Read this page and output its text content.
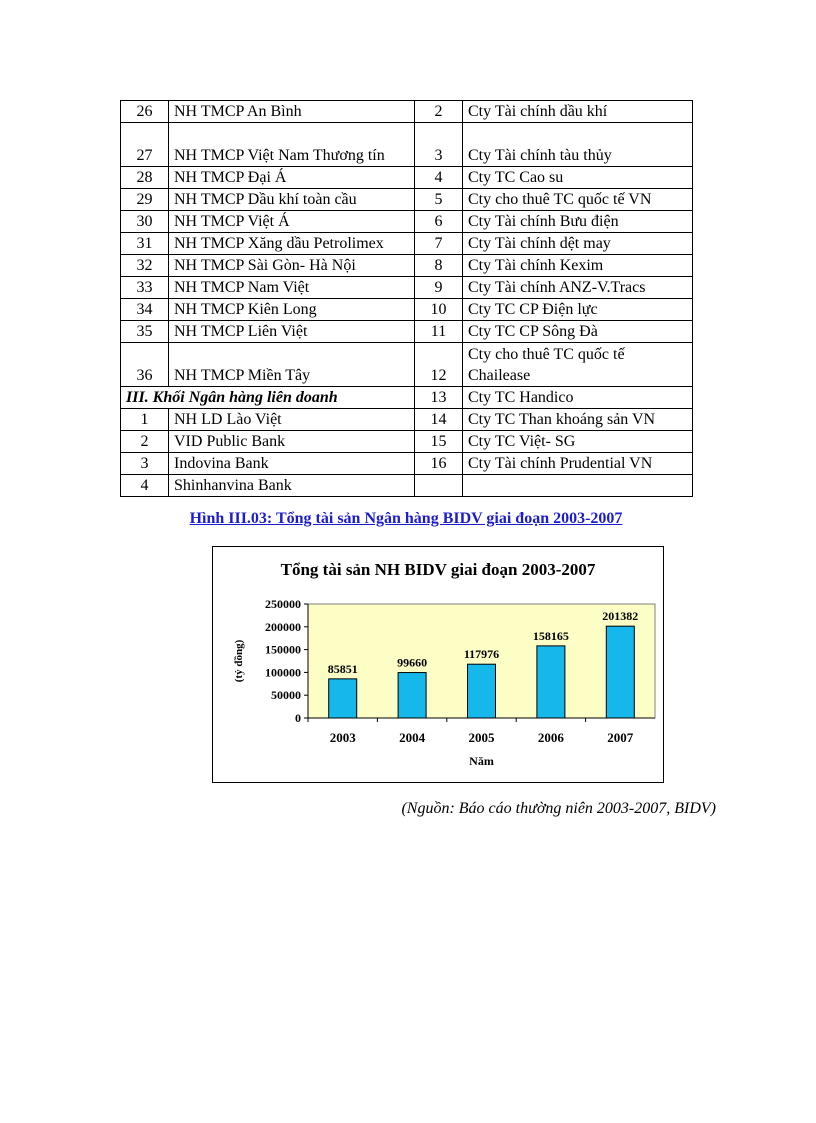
26	NH TMCP An Bình	2	Cty Tài chính dầu khí
27	NH TMCP Việt Nam Thương tín	3	Cty Tài chính tàu thủy
28	NH TMCP Đại Á	4	Cty TC Cao su
29	NH TMCP Dầu khí toàn cầu	5	Cty cho thuê TC quốc tế VN
30	NH TMCP Việt Á	6	Cty Tài chính Bưu điện
31	NH TMCP Xăng dầu Petrolimex	7	Cty Tài chính dệt may
32	NH TMCP Sài Gòn- Hà Nội	8	Cty Tài chính Kexim
33	NH TMCP Nam Việt	9	Cty Tài chính ANZ-V.Tracs
34	NH TMCP Kiên Long	10	Cty TC CP Điện lực
35	NH TMCP Liên Việt	11	Cty TC CP Sông Đà
36	NH TMCP Miền Tây	12	Cty cho thuê TC quốc tế Chailease
III. Khối Ngân hàng liên doanh		13	Cty TC Handico
1	NH LD Lào Việt	14	Cty TC Than khoáng sản VN
2	VID Public Bank	15	Cty TC Việt- SG
3	Indovina Bank	16	Cty Tài chính Prudential VN
4	Shinhanvina Bank		
Hình III.03: Tổng tài sản Ngân hàng BIDV giai đoạn 2003-2007
Tổng tài sản NH BIDV giai đoạn 2003-2007
0
50000
100000
150000
200000
250000
(tỷ đồng)	85851
2003
99660
2004
117976
2005
158165
2006
201382
2007
Năm
(Nguồn: Báo cáo thường niên 2003-2007, BIDV)
